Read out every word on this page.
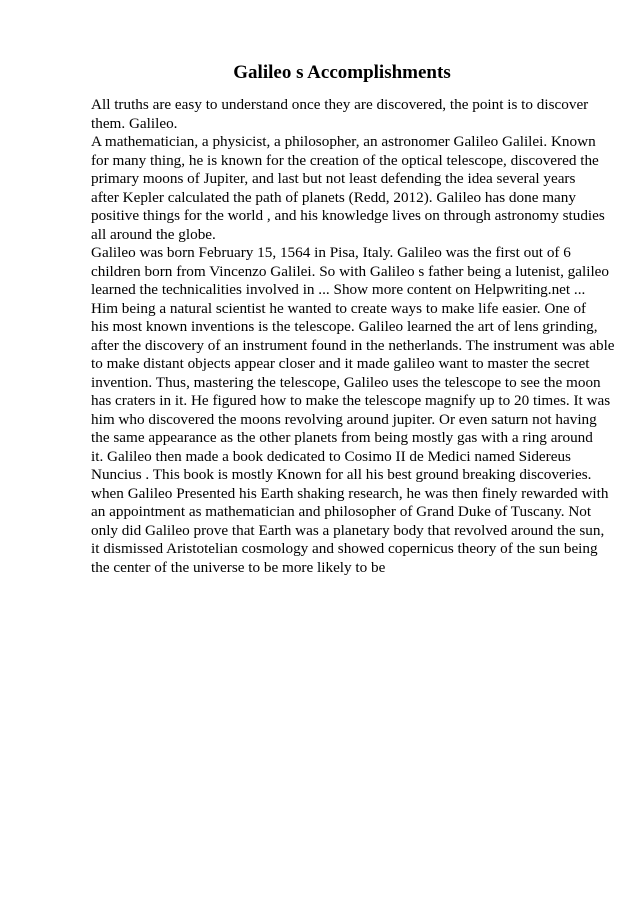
Galileo s Accomplishments
All truths are easy to understand once they are discovered, the point is to discover
them. Galileo.
A mathematician, a physicist, a philosopher, an astronomer Galileo Galilei. Known
for many thing, he is known for the creation of the optical telescope, discovered the
primary moons of Jupiter, and last but not least defending the idea several years
after Kepler calculated the path of planets (Redd, 2012). Galileo has done many
positive things for the world , and his knowledge lives on through astronomy studies
all around the globe.
Galileo was born February 15, 1564 in Pisa, Italy. Galileo was the first out of 6
children born from Vincenzo Galilei. So with Galileo s father being a lutenist, galileo
learned the technicalities involved in ... Show more content on Helpwriting.net ...
Him being a natural scientist he wanted to create ways to make life easier. One of
his most known inventions is the telescope. Galileo learned the art of lens grinding,
after the discovery of an instrument found in the netherlands. The instrument was able
to make distant objects appear closer and it made galileo want to master the secret
invention. Thus, mastering the telescope, Galileo uses the telescope to see the moon
has craters in it. He figured how to make the telescope magnify up to 20 times. It was
him who discovered the moons revolving around jupiter. Or even saturn not having
the same appearance as the other planets from being mostly gas with a ring around
it. Galileo then made a book dedicated to Cosimo II de Medici named Sidereus
Nuncius . This book is mostly Known for all his best ground breaking discoveries.
when Galileo Presented his Earth shaking research, he was then finely rewarded with
an appointment as mathematician and philosopher of Grand Duke of Tuscany. Not
only did Galileo prove that Earth was a planetary body that revolved around the sun,
it dismissed Aristotelian cosmology and showed copernicus theory of the sun being
the center of the universe to be more likely to be
